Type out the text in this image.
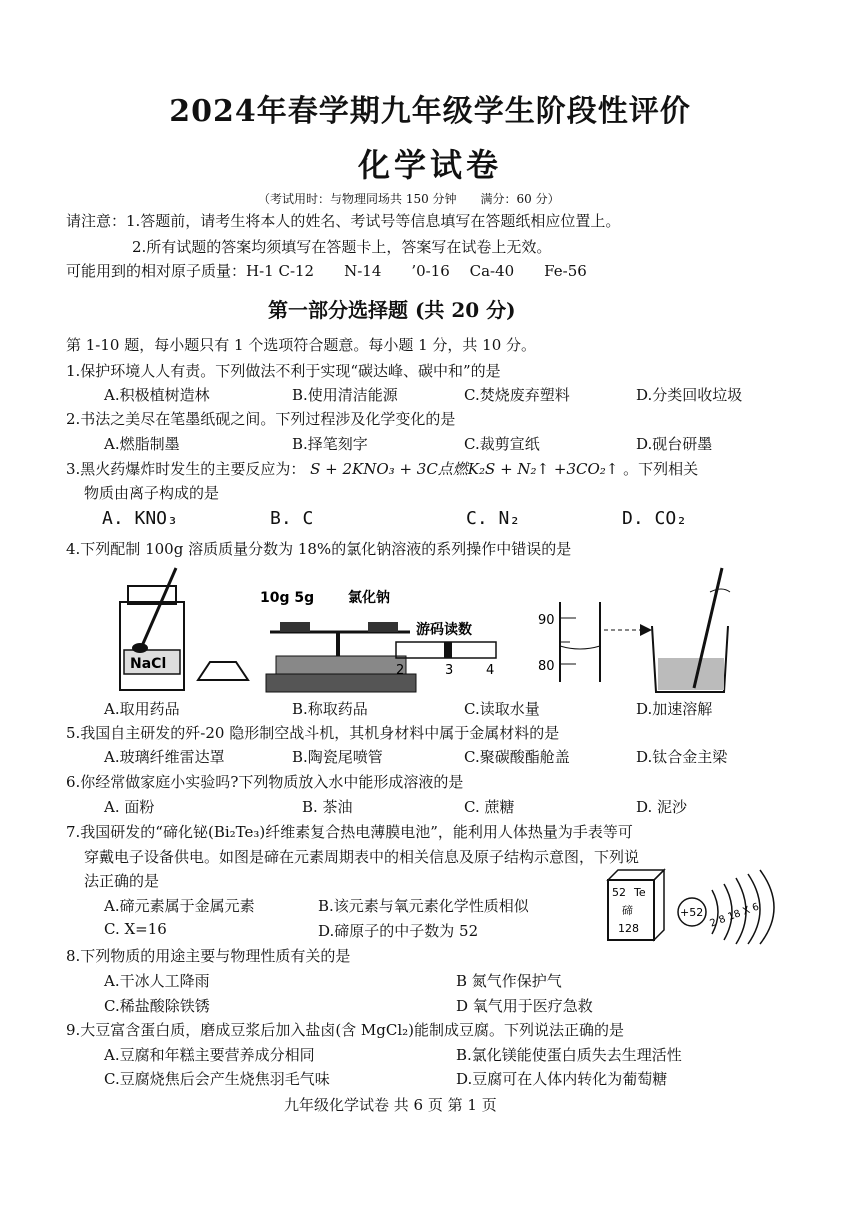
2024年春学期九年级学生阶段性评价
化学试卷
（考试用时：与物理同场共 150 分钟　　满分：60 分）
请注意：1.答题前，请考生将本人的姓名、考试号等信息填写在答题纸相应位置上。
2.所有试题的答案均须填写在答题卡上，答案写在试卷上无效。
可能用到的相对原子质量：H-1 C-12　　N-14　　’0-16　 Ca-40　　Fe-56
第一部分选择题 (共 20 分)
第 1-10 题，每小题只有 1 个选项符合题意。每小题 1 分，共 10 分。
1.保护环境人人有责。下列做法不利于实现“碳达峰、碳中和”的是
A.积极植树造林	B.使用清洁能源	C.焚烧废弃塑料	D.分类回收垃圾
2.书法之美尽在笔墨纸砚之间。下列过程涉及化学变化的是
A.燃脂制墨	B.择笔刻字	C.裁剪宣纸	D.砚台研墨
3.黑火药爆炸时发生的主要反应为： S + 2KNO₃ + 3C点燃K₂S + N₂↑ +3CO₂↑ 。下列相关
物质由离子构成的是
A. KNO₃	B. C	C. N₂	D. CO₂
4.下列配制 100g 溶质质量分数为 18%的氯化钠溶液的系列操作中错误的是
NaCl
10g 5g 氯化钠
游码读数
2	3	4
90
80
A.取用药品	B.称取药品	C.读取水量	D.加速溶解
5.我国自主研发的歼-20 隐形制空战斗机，其机身材料中属于金属材料的是
A.玻璃纤维雷达罩	B.陶瓷尾喷管	C.聚碳酸酯舱盖	D.钛合金主梁
6.你经常做家庭小实验吗?下列物质放入水中能形成溶液的是
A. 面粉	B. 茶油	C. 蔗糖	D. 泥沙
7.我国研发的“碲化铋(Bi₂Te₃)纤维素复合热电薄膜电池”，能利用人体热量为手表等可
穿戴电子设备供电。如图是碲在元素周期表中的相关信息及原子结构示意图，下列说
法正确的是
A.碲元素属于金属元素	B.该元素与氧元素化学性质相似
C. X=16	D.碲原子的中子数为 52
52 Te
碲
128
+52 2 8 18 X 6
8.下列物质的用途主要与物理性质有关的是
A.干冰人工降雨	B 氮气作保护气
C.稀盐酸除铁锈	D 氧气用于医疗急救
9.大豆富含蛋白质，磨成豆浆后加入盐卤(含 MgCl₂)能制成豆腐。下列说法正确的是
A.豆腐和年糕主要营养成分相同	B.氯化镁能使蛋白质失去生理活性
C.豆腐烧焦后会产生烧焦羽毛气味	D.豆腐可在人体内转化为葡萄糖
九年级化学试卷 共 6 页 第 1 页
